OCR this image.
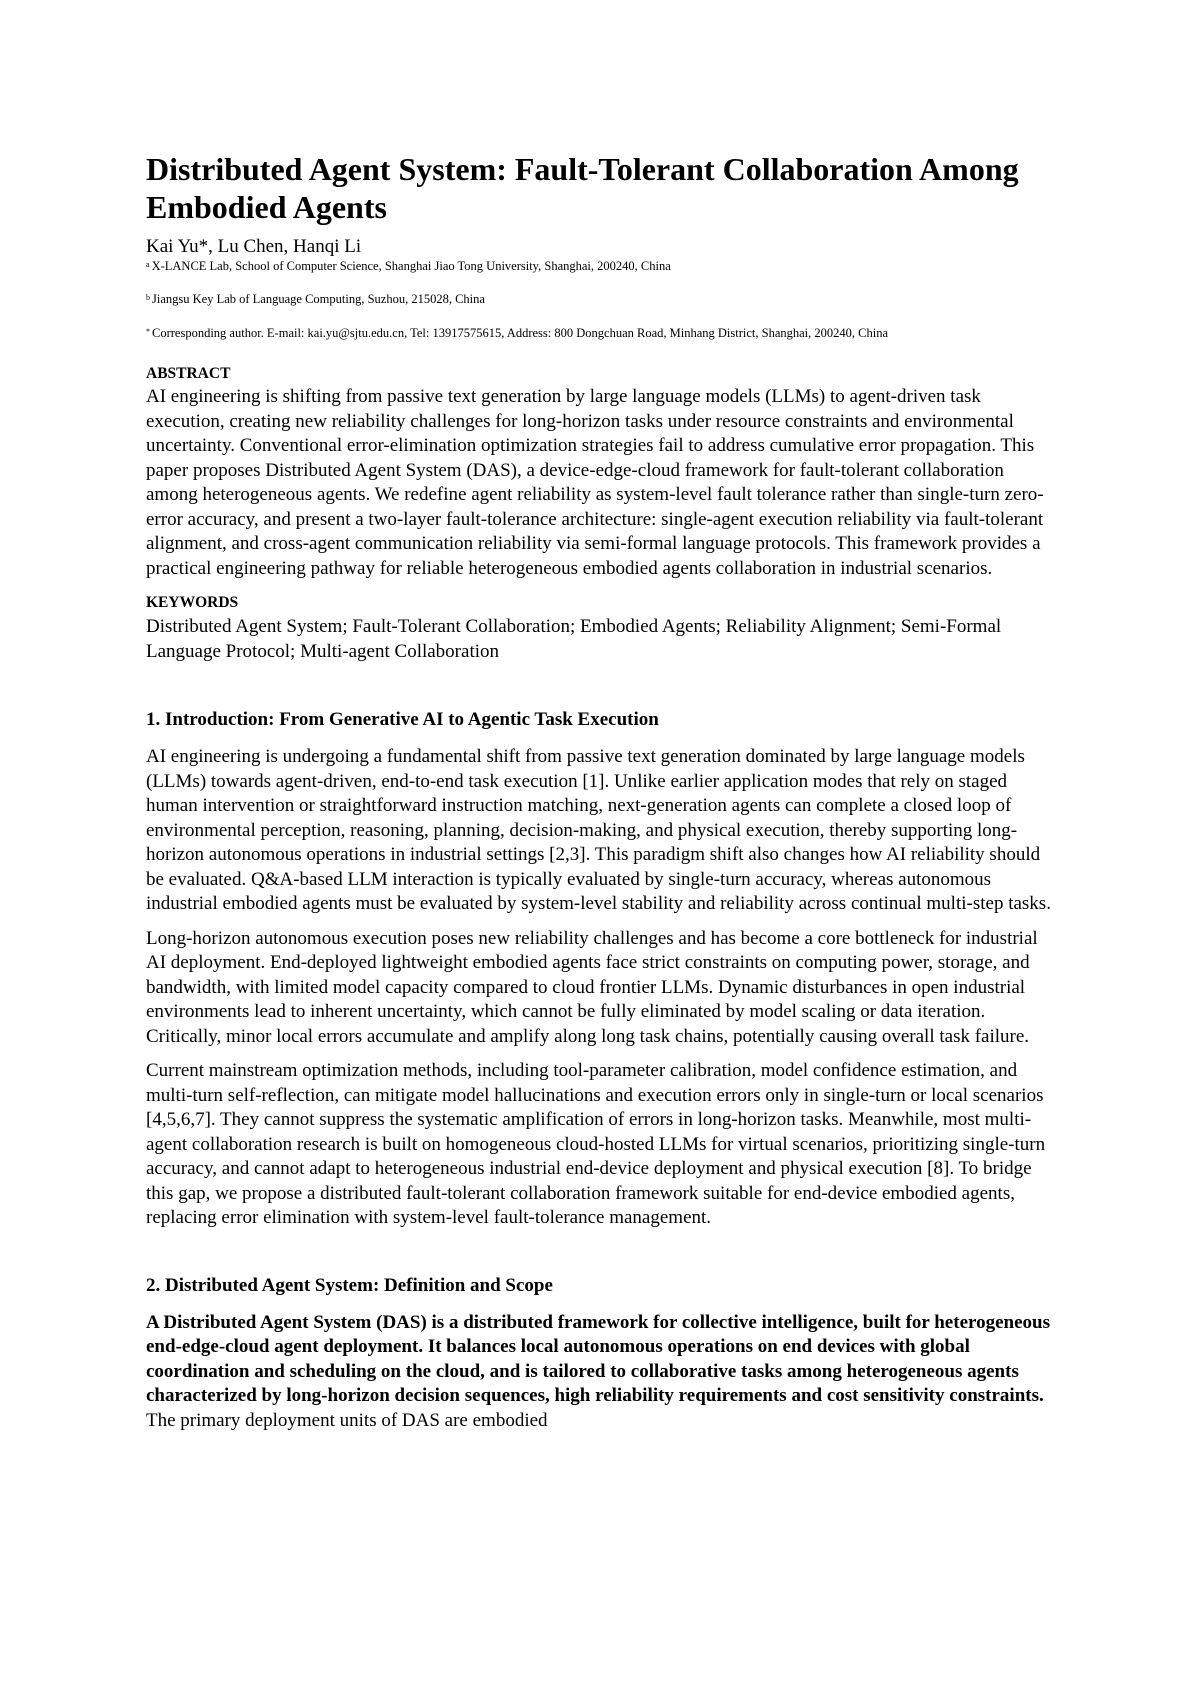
Distributed Agent System: Fault-Tolerant Collaboration Among Embodied Agents
Kai Yu*, Lu Chen, Hanqi Li

$^a$ X-LANCE Lab, School of Computer Science, Shanghai Jiao Tong University, Shanghai, 200240, China

$^b$ Jiangsu Key Lab of Language Computing, Suzhou, 215028, China

* Corresponding author. E-mail: kai.yu@sjtu.edu.cn, Tel: 13917575615, Address: 800 Dongchuan Road, Minhang District, Shanghai, 200240, China

ABSTRACT

AI engineering is shifting from passive text generation by large language models (LLMs) to agent-driven task execution, creating new reliability challenges for long-horizon tasks under resource constraints and environmental uncertainty. Conventional error-elimination optimization strategies fail to address cumulative error propagation. This paper proposes Distributed Agent System (DAS), a device-edge-cloud framework for fault-tolerant collaboration among heterogeneous agents. We redefine agent reliability as system-level fault tolerance rather than single-turn zero-error accuracy, and present a two-layer fault-tolerance architecture: single-agent execution reliability via fault-tolerant alignment, and cross-agent communication reliability via semi-formal language protocols. This framework provides a practical engineering pathway for reliable heterogeneous embodied agents collaboration in industrial scenarios.

KEYWORDS

Distributed Agent System; Fault-Tolerant Collaboration; Embodied Agents; Reliability Alignment; Semi-Formal Language Protocol; Multi-agent Collaboration

1. Introduction: From Generative AI to Agentic Task Execution

AI engineering is undergoing a fundamental shift from passive text generation dominated by large language models (LLMs) towards agent-driven, end-to-end task execution [1]. Unlike earlier application modes that rely on staged human intervention or straightforward instruction matching, next-generation agents can complete a closed loop of environmental perception, reasoning, planning, decision-making, and physical execution, thereby supporting long-horizon autonomous operations in industrial settings [2,3]. This paradigm shift also changes how AI reliability should be evaluated. Q&A-based LLM interaction is typically evaluated by single-turn accuracy, whereas autonomous industrial embodied agents must be evaluated by system-level stability and reliability across continual multi-step tasks.

Long-horizon autonomous execution poses new reliability challenges and has become a core bottleneck for industrial AI deployment. End-deployed lightweight embodied agents face strict constraints on computing power, storage, and bandwidth, with limited model capacity compared to cloud frontier LLMs. Dynamic disturbances in open industrial environments lead to inherent uncertainty, which cannot be fully eliminated by model scaling or data iteration. Critically, minor local errors accumulate and amplify along long task chains, potentially causing overall task failure.

Current mainstream optimization methods, including tool-parameter calibration, model confidence estimation, and multi-turn self-reflection, can mitigate model hallucinations and execution errors only in single-turn or local scenarios [4,5,6,7]. They cannot suppress the systematic amplification of errors in long-horizon tasks. Meanwhile, most multi-agent collaboration research is built on homogeneous cloud-hosted LLMs for virtual scenarios, prioritizing single-turn accuracy, and cannot adapt to heterogeneous industrial end-device deployment and physical execution [8]. To bridge this gap, we propose a distributed fault-tolerant collaboration framework suitable for end-device embodied agents, replacing error elimination with system-level fault-tolerance management.

2. Distributed Agent System: Definition and Scope

A Distributed Agent System (DAS) is a distributed framework for collective intelligence, built for heterogeneous end-edge-cloud agent deployment. It balances local autonomous operations on end devices with global coordination and scheduling on the cloud, and is tailored to collaborative tasks among heterogeneous agents characterized by long-horizon decision sequences, high reliability requirements and cost sensitivity constraints. The primary deployment units of DAS are embodied
